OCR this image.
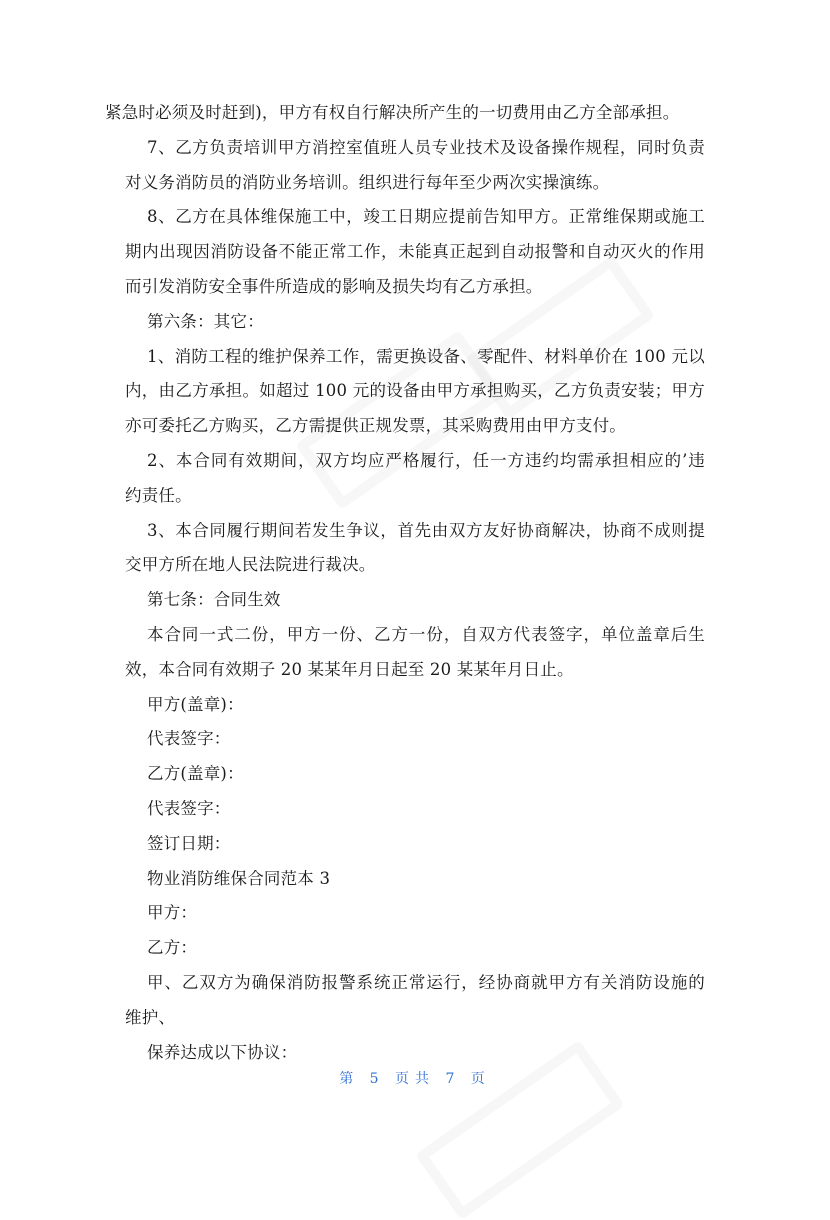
紧急时必须及时赶到)，甲方有权自行解决所产生的一切费用由乙方全部承担。
7、乙方负责培训甲方消控室值班人员专业技术及设备操作规程，同时负责
对义务消防员的消防业务培训。组织进行每年至少两次实操演练。
8、乙方在具体维保施工中，竣工日期应提前告知甲方。正常维保期或施工
期内出现因消防设备不能正常工作，未能真正起到自动报警和自动灭火的作用
而引发消防安全事件所造成的影响及损失均有乙方承担。
第六条：其它：
1、消防工程的维护保养工作，需更换设备、零配件、材料单价在 100 元以
内，由乙方承担。如超过 100 元的设备由甲方承担购买，乙方负责安装；甲方
亦可委托乙方购买，乙方需提供正规发票，其采购费用由甲方支付。
2、本合同有效期间，双方均应严格履行，任一方违约均需承担相应的’违
约责任。
3、本合同履行期间若发生争议，首先由双方友好协商解决，协商不成则提
交甲方所在地人民法院进行裁决。
第七条：合同生效
本合同一式二份，甲方一份、乙方一份，自双方代表签字，单位盖章后生
效，本合同有效期子 20 某某年月日起至 20 某某年月日止。
甲方(盖章)：
代表签字：
乙方(盖章)：
代表签字：
签订日期：
物业消防维保合同范本 3
甲方：
乙方：
甲、乙双方为确保消防报警系统正常运行，经协商就甲方有关消防设施的
维护、
保养达成以下协议：
第 5 页共 7 页
